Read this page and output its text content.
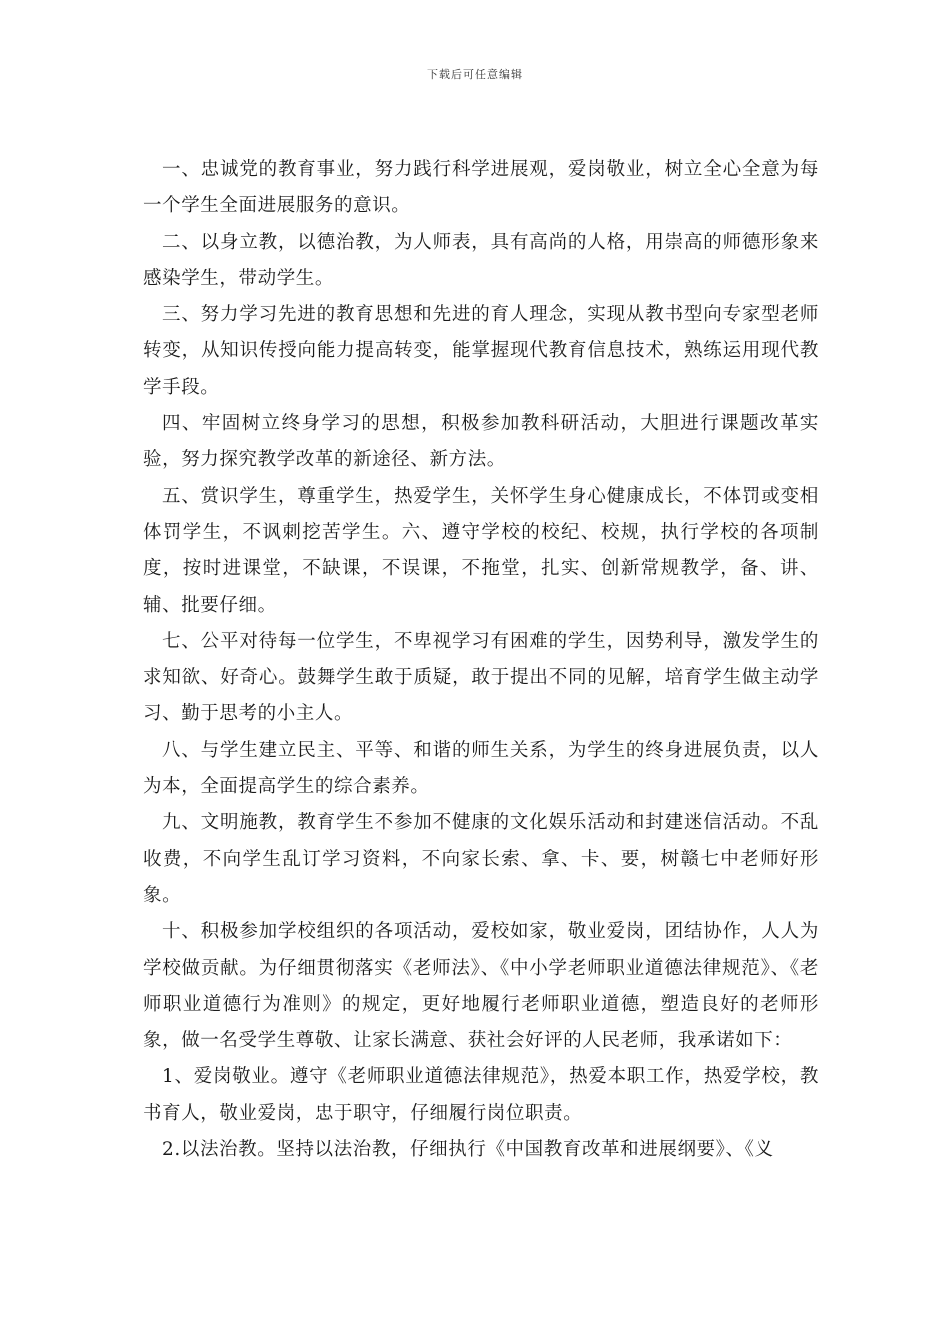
下载后可任意编辑

一、忠诚党的教育事业，努力践行科学进展观，爱岗敬业，树立全心全意为每一个学生全面进展服务的意识。

二、以身立教，以德治教，为人师表，具有高尚的人格，用崇高的师德形象来感染学生，带动学生。

三、努力学习先进的教育思想和先进的育人理念，实现从教书型向专家型老师转变，从知识传授向能力提高转变，能掌握现代教育信息技术，熟练运用现代教学手段。

四、牢固树立终身学习的思想，积极参加教科研活动，大胆进行课题改革实验，努力探究教学改革的新途径、新方法。

五、赏识学生，尊重学生，热爱学生，关怀学生身心健康成长，不体罚或变相体罚学生，不讽刺挖苦学生。六、遵守学校的校纪、校规，执行学校的各项制度，按时进课堂，不缺课，不误课，不拖堂，扎实、创新常规教学，备、讲、辅、批要仔细。

七、公平对待每一位学生，不卑视学习有困难的学生，因势利导，激发学生的求知欲、好奇心。鼓舞学生敢于质疑，敢于提出不同的见解，培育学生做主动学习、勤于思考的小主人。

八、与学生建立民主、平等、和谐的师生关系，为学生的终身进展负责，以人为本，全面提高学生的综合素养。

九、文明施教，教育学生不参加不健康的文化娱乐活动和封建迷信活动。不乱收费，不向学生乱订学习资料，不向家长索、拿、卡、要，树赣七中老师好形象。

十、积极参加学校组织的各项活动，爱校如家，敬业爱岗，团结协作，人人为学校做贡献。为仔细贯彻落实《老师法》、《中小学老师职业道德法律规范》、《老师职业道德行为准则》的规定，更好地履行老师职业道德，塑造良好的老师形象，做一名受学生尊敬、让家长满意、获社会好评的人民老师，我承诺如下：

1、爱岗敬业。遵守《老师职业道德法律规范》，热爱本职工作，热爱学校，教书育人，敬业爱岗，忠于职守，仔细履行岗位职责。

2.以法治教。坚持以法治教，仔细执行《中国教育改革和进展纲要》、《义
